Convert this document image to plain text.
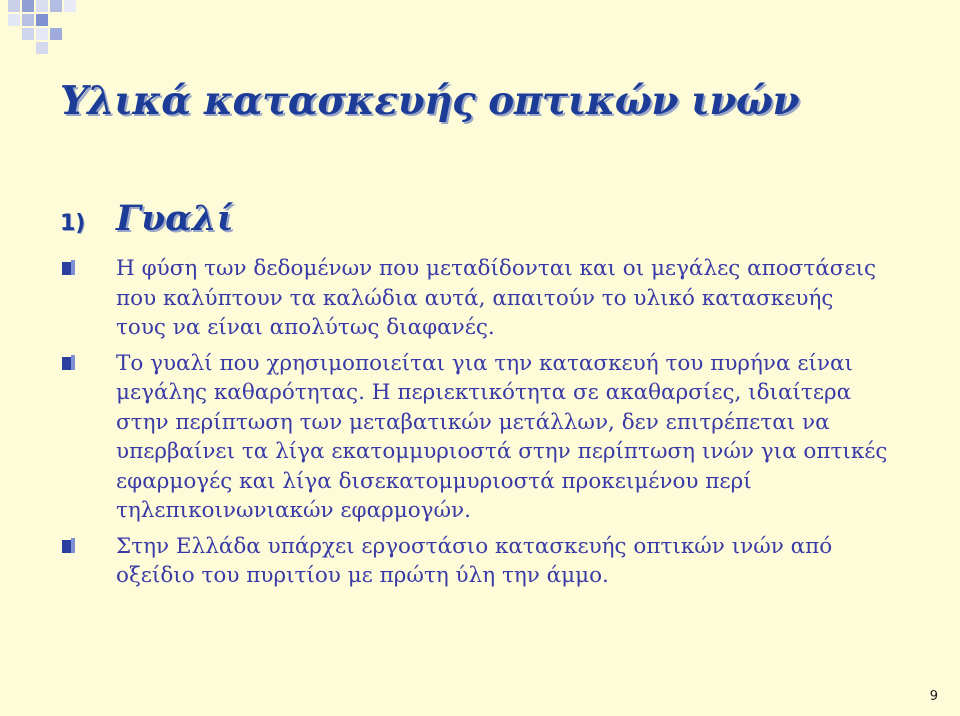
Υλικά κατασκευής οπτικών ινών
1) Γυαλί
Η φύση των δεδομένων που μεταδίδονται και οι μεγάλες αποστάσεις που καλύπτουν τα καλώδια αυτά, απαιτούν το υλικό κατασκευής τους να είναι απολύτως διαφανές.
Το γυαλί που χρησιμοποιείται για την κατασκευή του πυρήνα είναι μεγάλης καθαρότητας. Η περιεκτικότητα σε ακαθαρσίες, ιδιαίτερα στην περίπτωση των μεταβατικών μετάλλων, δεν επιτρέπεται να υπερβαίνει τα λίγα εκατομμυριοστά στην περίπτωση ινών για οπτικές εφαρμογές και λίγα δισεκατομμυριοστά προκειμένου περί τηλεπικοινωνιακών εφαρμογών.
Στην Ελλάδα υπάρχει εργοστάσιο κατασκευής οπτικών ινών από οξείδιο του πυριτίου με πρώτη ύλη την άμμο.
9
